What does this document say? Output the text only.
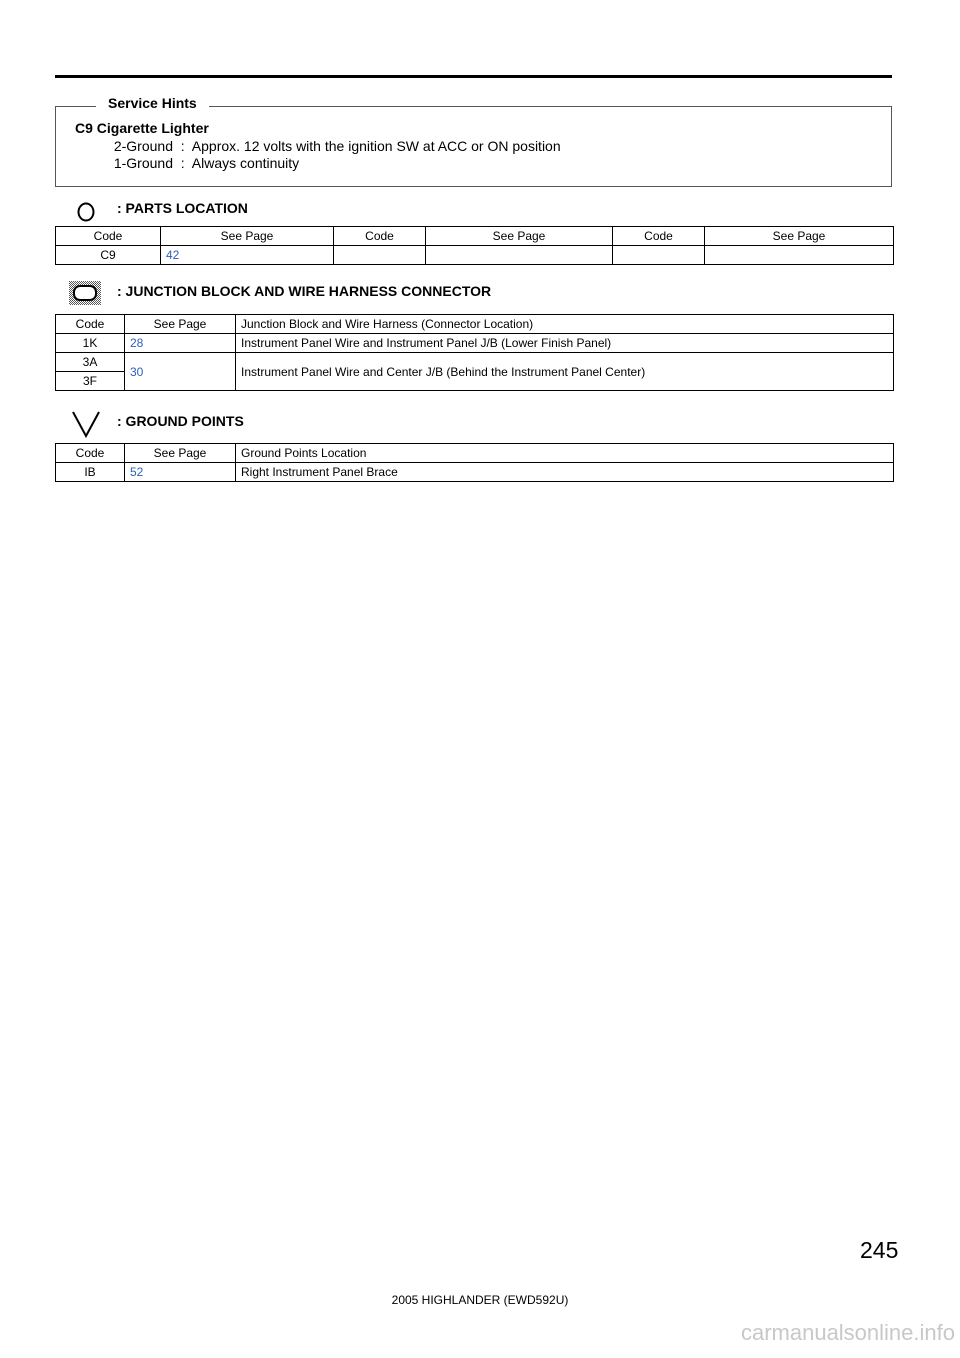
Service Hints
C9 Cigarette Lighter
2-Ground : Approx. 12 volts with the ignition SW at ACC or ON position
1-Ground : Always continuity
: PARTS LOCATION
Code	See Page	Code	See Page	Code	See Page
C9	42				
: JUNCTION BLOCK AND WIRE HARNESS CONNECTOR
Code	See Page	Junction Block and Wire Harness (Connector Location)
1K	28	Instrument Panel Wire and Instrument Panel J/B (Lower Finish Panel)
3A	30	Instrument Panel Wire and Center J/B (Behind the Instrument Panel Center)
3F		
: GROUND POINTS
Code	See Page	Ground Points Location
IB	52	Right Instrument Panel Brace
245
2005 HIGHLANDER (EWD592U)
carmanualsonline.info
